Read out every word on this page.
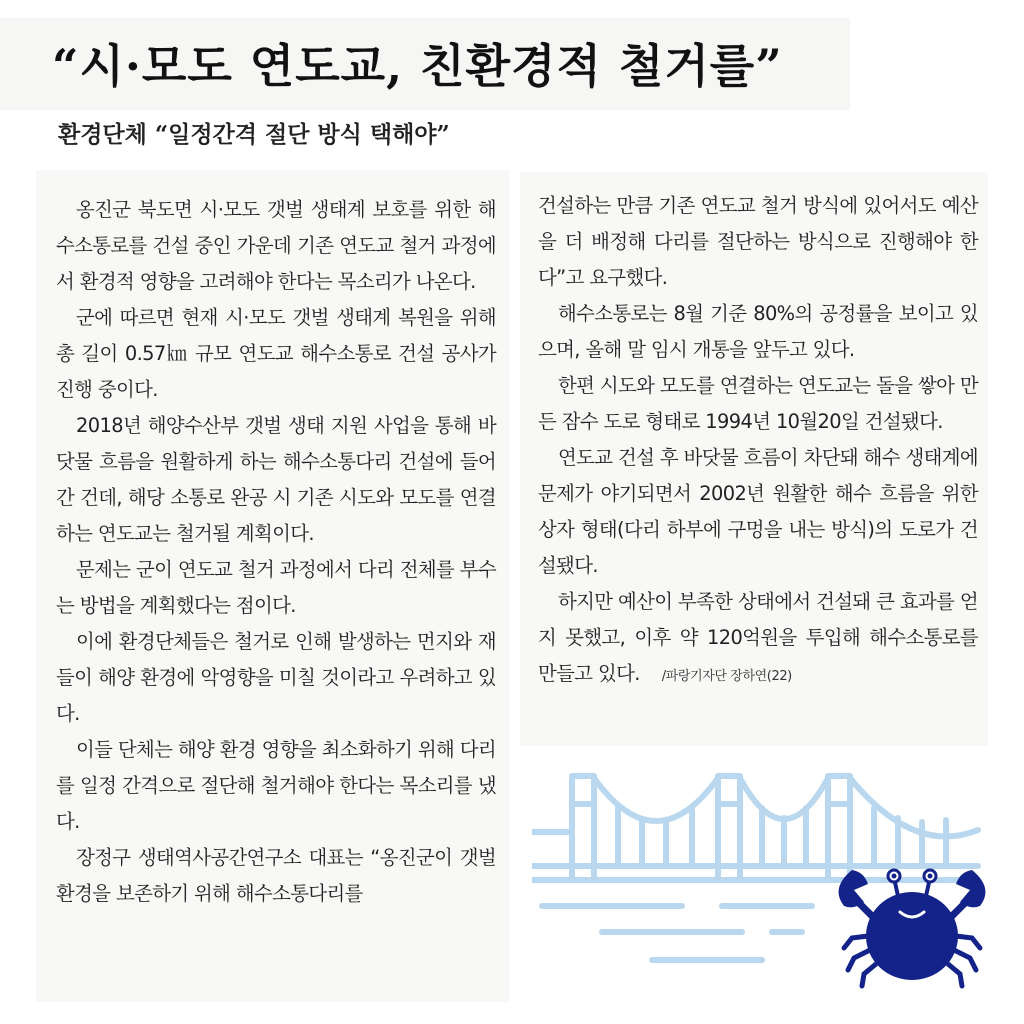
“시·모도 연도교, 친환경적 철거를”
환경단체 “일정간격 절단 방식 택해야”

옹진군 북도면 시·모도 갯벌 생태계 보호를 위한 해수소통로를 건설 중인 가운데 기존 연도교 철거 과정에서 환경적 영향을 고려해야 한다는 목소리가 나온다.

군에 따르면 현재 시·모도 갯벌 생태계 복원을 위해 총 길이 0.57㎞ 규모 연도교 해수소통로 건설 공사가 진행 중이다.

2018년 해양수산부 갯벌 생태 지원 사업을 통해 바닷물 흐름을 원활하게 하는 해수소통다리 건설에 들어간 건데, 해당 소통로 완공 시 기존 시도와 모도를 연결하는 연도교는 철거될 계획이다.

문제는 군이 연도교 철거 과정에서 다리 전체를 부수는 방법을 계획했다는 점이다.

이에 환경단체들은 철거로 인해 발생하는 먼지와 재들이 해양 환경에 악영향을 미칠 것이라고 우려하고 있다.

이들 단체는 해양 환경 영향을 최소화하기 위해 다리를 일정 간격으로 절단해 철거해야 한다는 목소리를 냈다.

장정구 생태역사공간연구소 대표는 “옹진군이 갯벌 환경을 보존하기 위해 해수소통다리를

건설하는 만큼 기존 연도교 철거 방식에 있어서도 예산을 더 배정해 다리를 절단하는 방식으로 진행해야 한다”고 요구했다.

해수소통로는 8월 기준 80%의 공정률을 보이고 있으며, 올해 말 임시 개통을 앞두고 있다.

한편 시도와 모도를 연결하는 연도교는 돌을 쌓아 만든 잠수 도로 형태로 1994년 10월20일 건설됐다.

연도교 건설 후 바닷물 흐름이 차단돼 해수 생태계에 문제가 야기되면서 2002년 원활한 해수 흐름을 위한 상자 형태(다리 하부에 구멍을 내는 방식)의 도로가 건설됐다.

하지만 예산이 부족한 상태에서 건설돼 큰 효과를 얻지 못했고, 이후 약 120억원을 투입해 해수소통로를 만들고 있다. /파랑기자단 장하연(22)
